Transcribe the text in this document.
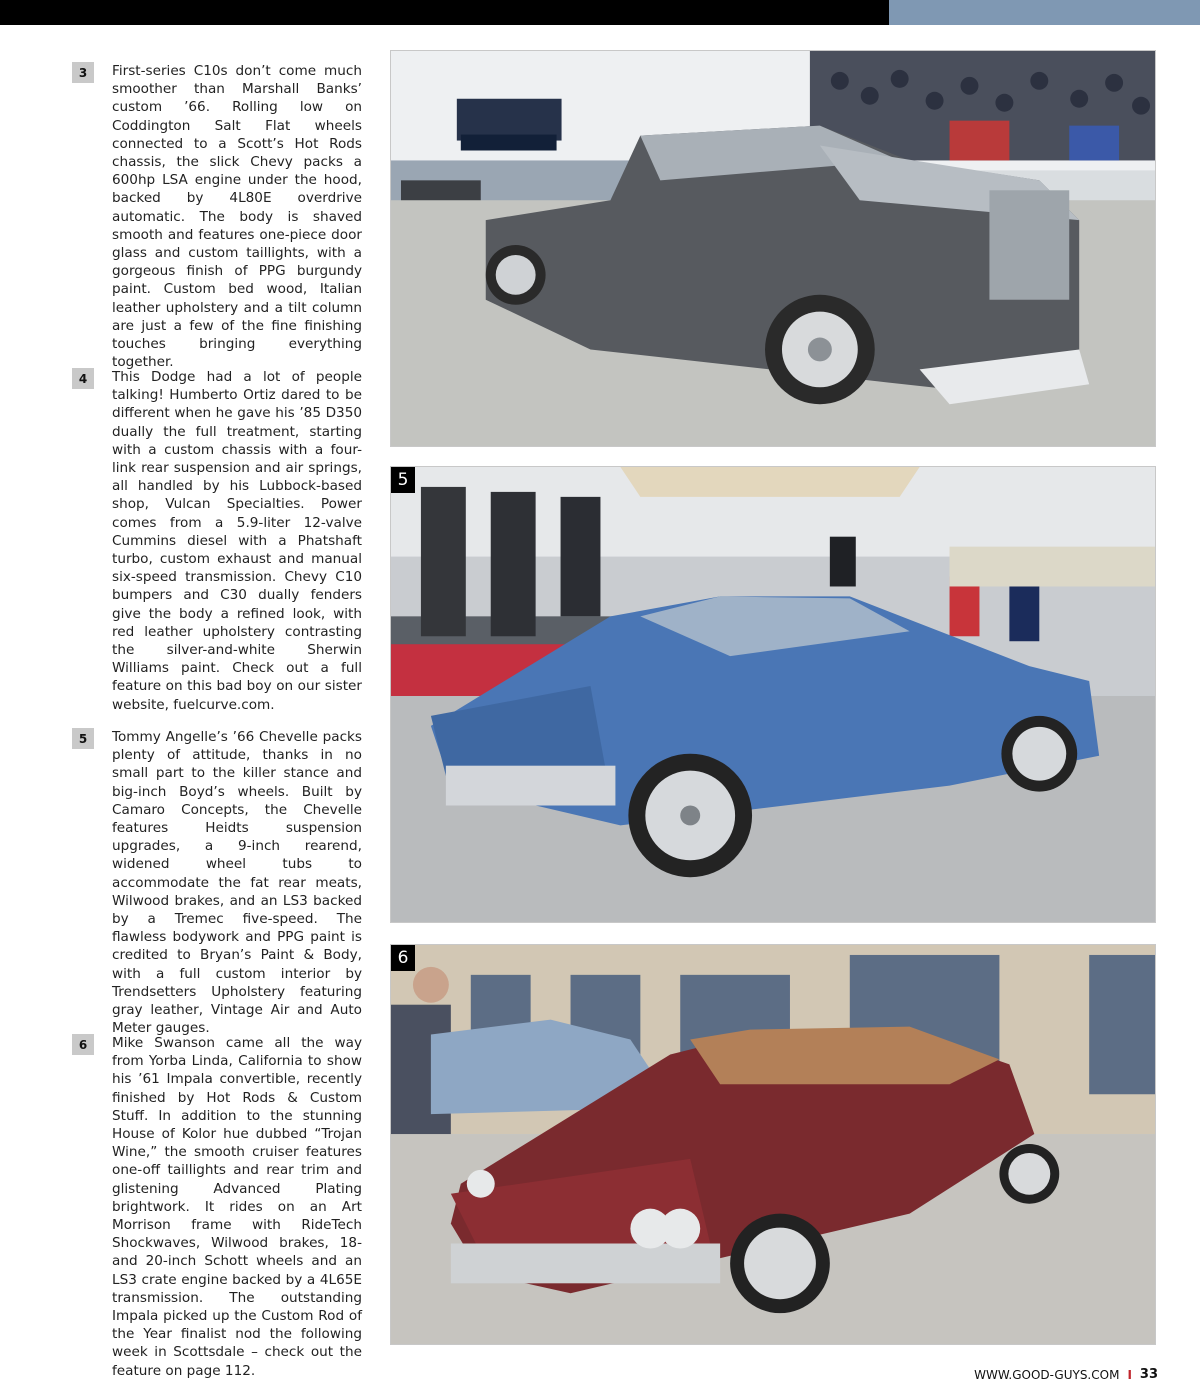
3	First-series C10s don’t come much smoother than Marshall Banks’ custom ’66. Rolling low on Coddington Salt Flat wheels connected to a Scott’s Hot Rods chassis, the slick Chevy packs a 600hp LSA engine under the hood, backed by 4L80E overdrive automatic. The body is shaved smooth and features one-piece door glass and custom taillights, with a gorgeous finish of PPG burgundy paint. Custom bed wood, Italian leather upholstery and a tilt column are just a few of the fine finishing touches bringing everything together.

4	This Dodge had a lot of people talking! Humberto Ortiz dared to be different when he gave his ’85 D350 dually the full treatment, starting with a custom chassis with a four-link rear suspension and air springs, all handled by his Lubbock-based shop, Vulcan Specialties. Power comes from a 5.9-liter 12-valve Cummins diesel with a Phatshaft turbo, custom exhaust and manual six-speed transmission. Chevy C10 bumpers and C30 dually fenders give the body a refined look, with red leather upholstery contrasting the silver-and-white Sherwin Williams paint. Check out a full feature on this bad boy on our sister website, fuelcurve.com.

5	Tommy Angelle’s ’66 Chevelle packs plenty of attitude, thanks in no small part to the killer stance and big-inch Boyd’s wheels. Built by Camaro Concepts, the Chevelle features Heidts suspension upgrades, a 9-inch rearend, widened wheel tubs to accommodate the fat rear meats, Wilwood brakes, and an LS3 backed by a Tremec five-speed. The flawless bodywork and PPG paint is credited to Bryan’s Paint & Body, with a full custom interior by Trendsetters Upholstery featuring gray leather, Vintage Air and Auto Meter gauges.

6	Mike Swanson came all the way from Yorba Linda, California to show his ’61 Impala convertible, recently finished by Hot Rods & Custom Stuff. In addition to the stunning House of Kolor hue dubbed “Trojan Wine,” the smooth cruiser features one-off taillights and rear trim and glistening Advanced Plating brightwork. It rides on an Art Morrison frame with RideTech Shockwaves, Wilwood brakes, 18- and 20-inch Schott wheels and an LS3 crate engine backed by a 4L65E transmission. The outstanding Impala picked up the Custom Rod of the Year finalist nod the following week in Scottsdale – check out the feature on page 112.

5
6
WWW.GOOD-GUYS.COM I 33
